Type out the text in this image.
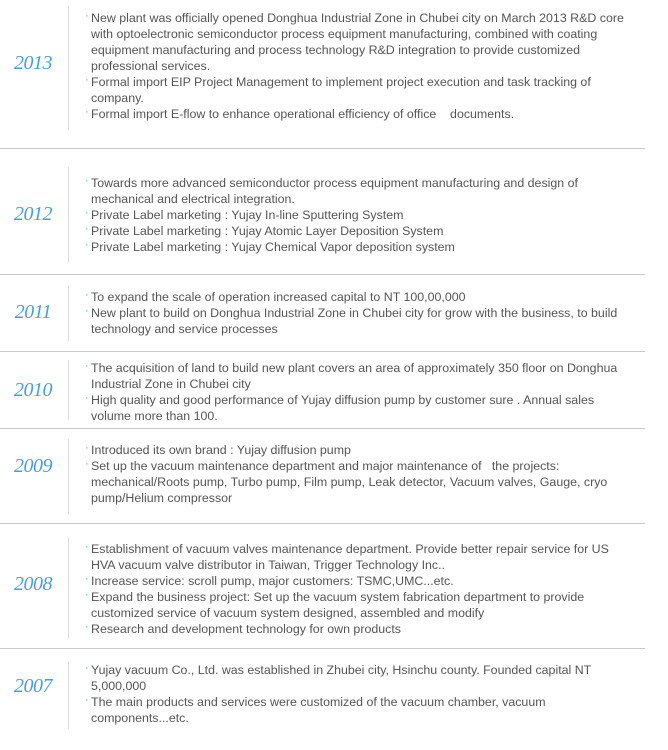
2013
· New plant was officially opened Donghua Industrial Zone in Chubei city on March 2013 R&D core with optoelectronic semiconductor process equipment manufacturing, combined with coating equipment manufacturing and process technology R&D integration to provide customized professional services.
· Formal import EIP Project Management to implement project execution and task tracking of company.
· Formal import E-flow to enhance operational efficiency of office    documents.
2012
· Towards more advanced semiconductor process equipment manufacturing and design of mechanical and electrical integration.
· Private Label marketing : Yujay In-line Sputtering System
· Private Label marketing : Yujay Atomic Layer Deposition System
· Private Label marketing : Yujay Chemical Vapor deposition system
2011
· To expand the scale of operation increased capital to NT 100,00,000
· New plant to build on Donghua Industrial Zone in Chubei city for grow with the business, to build technology and service processes
2010
· The acquisition of land to build new plant covers an area of approximately 350 floor on Donghua Industrial Zone in Chubei city
· High quality and good performance of Yujay diffusion pump by customer sure . Annual sales volume more than 100.
2009
· Introduced its own brand : Yujay diffusion pump
· Set up the vacuum maintenance department and major maintenance of   the projects: mechanical/Roots pump, Turbo pump, Film pump, Leak detector, Vacuum valves, Gauge, cryo pump/Helium compressor
2008
· Establishment of vacuum valves maintenance department. Provide better repair service for US HVA vacuum valve distributor in Taiwan, Trigger Technology Inc..
· Increase service: scroll pump, major customers: TSMC,UMC...etc.
· Expand the business project: Set up the vacuum system fabrication department to provide customized service of vacuum system designed, assembled and modify
· Research and development technology for own products
2007
· Yujay vacuum Co., Ltd. was established in Zhubei city, Hsinchu county. Founded capital NT 5,000,000
· The main products and services were customized of the vacuum chamber, vacuum components...etc.
